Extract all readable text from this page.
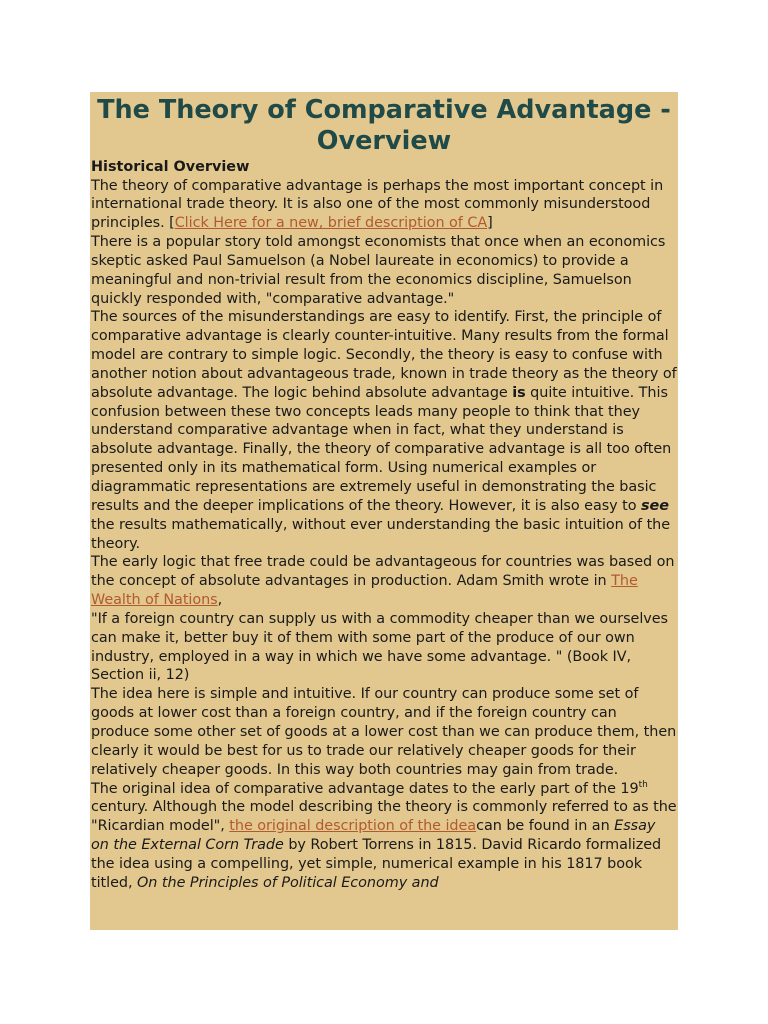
The Theory of Comparative Advantage - Overview
Historical Overview

The theory of comparative advantage is perhaps the most important concept in international trade theory. It is also one of the most commonly misunderstood principles. [Click Here for a new, brief description of CA]

There is a popular story told amongst economists that once when an economics skeptic asked Paul Samuelson (a Nobel laureate in economics) to provide a meaningful and non-trivial result from the economics discipline, Samuelson quickly responded with, "comparative advantage."

The sources of the misunderstandings are easy to identify. First, the principle of comparative advantage is clearly counter-intuitive. Many results from the formal model are contrary to simple logic. Secondly, the theory is easy to confuse with another notion about advantageous trade, known in trade theory as the theory of absolute advantage. The logic behind absolute advantage is quite intuitive. This confusion between these two concepts leads many people to think that they understand comparative advantage when in fact, what they understand is absolute advantage. Finally, the theory of comparative advantage is all too often presented only in its mathematical form. Using numerical examples or diagrammatic representations are extremely useful in demonstrating the basic results and the deeper implications of the theory. However, it is also easy to see the results mathematically, without ever understanding the basic intuition of the theory.

The early logic that free trade could be advantageous for countries was based on the concept of absolute advantages in production. Adam Smith wrote in The Wealth of Nations,

"If a foreign country can supply us with a commodity cheaper than we ourselves can make it, better buy it of them with some part of the produce of our own industry, employed in a way in which we have some advantage. " (Book IV, Section ii, 12)

The idea here is simple and intuitive. If our country can produce some set of goods at lower cost than a foreign country, and if the foreign country can produce some other set of goods at a lower cost than we can produce them, then clearly it would be best for us to trade our relatively cheaper goods for their relatively cheaper goods. In this way both countries may gain from trade.

The original idea of comparative advantage dates to the early part of the 19th century. Although the model describing the theory is commonly referred to as the "Ricardian model", the original description of the ideacan be found in an Essay on the External Corn Trade by Robert Torrens in 1815. David Ricardo formalized the idea using a compelling, yet simple, numerical example in his 1817 book titled, On the Principles of Political Economy and
